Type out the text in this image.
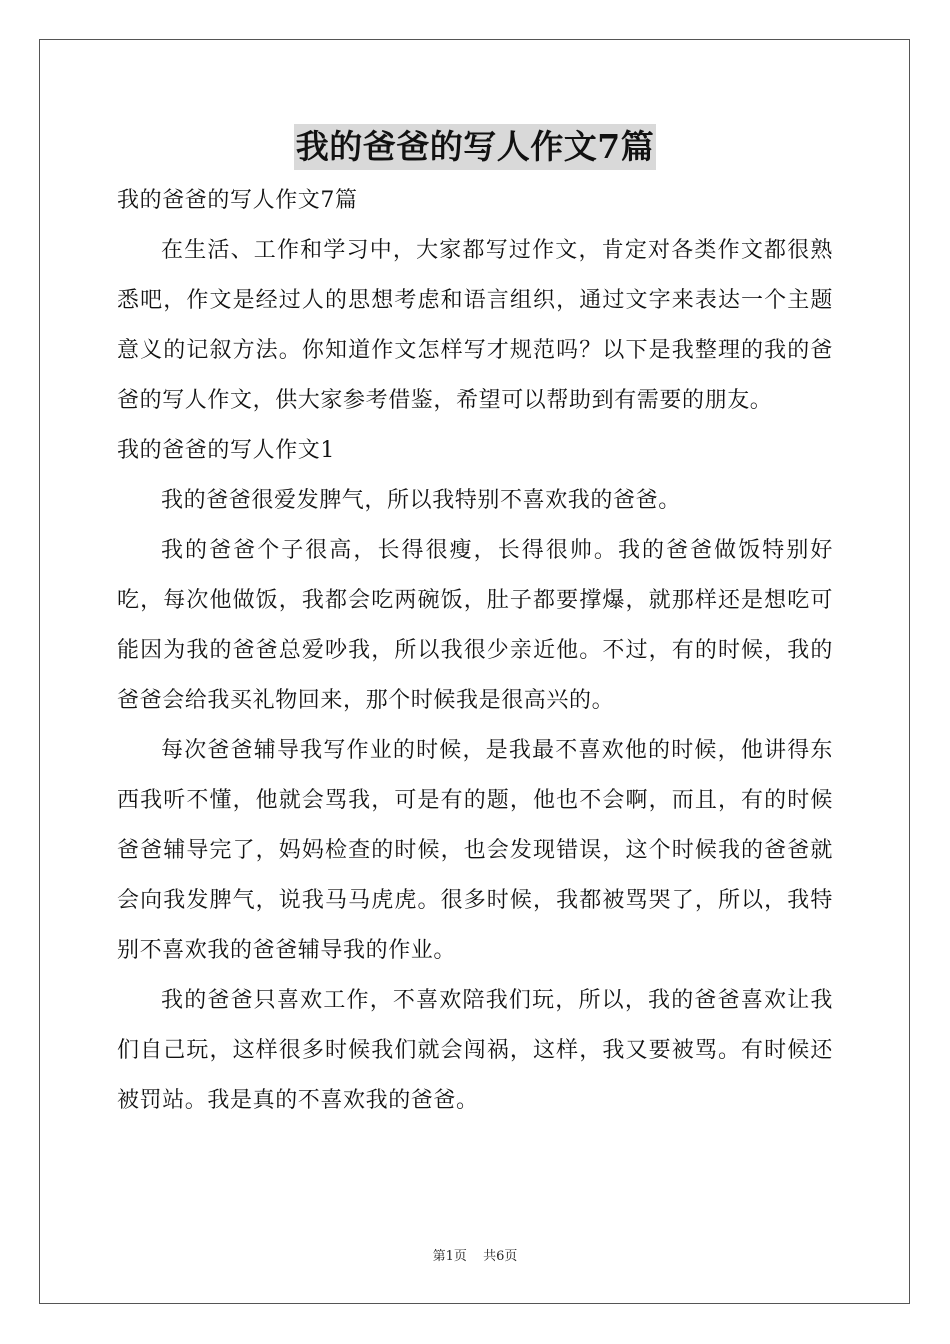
我的爸爸的写人作文7篇

我的爸爸的写人作文7篇

在生活、工作和学习中，大家都写过作文，肯定对各类作文都很熟悉吧，作文是经过人的思想考虑和语言组织，通过文字来表达一个主题意义的记叙方法。你知道作文怎样写才规范吗？以下是我整理的我的爸爸的写人作文，供大家参考借鉴，希望可以帮助到有需要的朋友。

我的爸爸的写人作文1

我的爸爸很爱发脾气，所以我特别不喜欢我的爸爸。

我的爸爸个子很高，长得很瘦，长得很帅。我的爸爸做饭特别好吃，每次他做饭，我都会吃两碗饭，肚子都要撑爆，就那样还是想吃可能因为我的爸爸总爱吵我，所以我很少亲近他。不过，有的时候，我的爸爸会给我买礼物回来，那个时候我是很高兴的。

每次爸爸辅导我写作业的时候，是我最不喜欢他的时候，他讲得东西我听不懂，他就会骂我，可是有的题，他也不会啊，而且，有的时候爸爸辅导完了，妈妈检查的时候，也会发现错误，这个时候我的爸爸就会向我发脾气，说我马马虎虎。很多时候，我都被骂哭了，所以，我特别不喜欢我的爸爸辅导我的作业。

我的爸爸只喜欢工作，不喜欢陪我们玩，所以，我的爸爸喜欢让我们自己玩，这样很多时候我们就会闯祸，这样，我又要被骂。有时候还被罚站。我是真的不喜欢我的爸爸。

第1页 共6页
